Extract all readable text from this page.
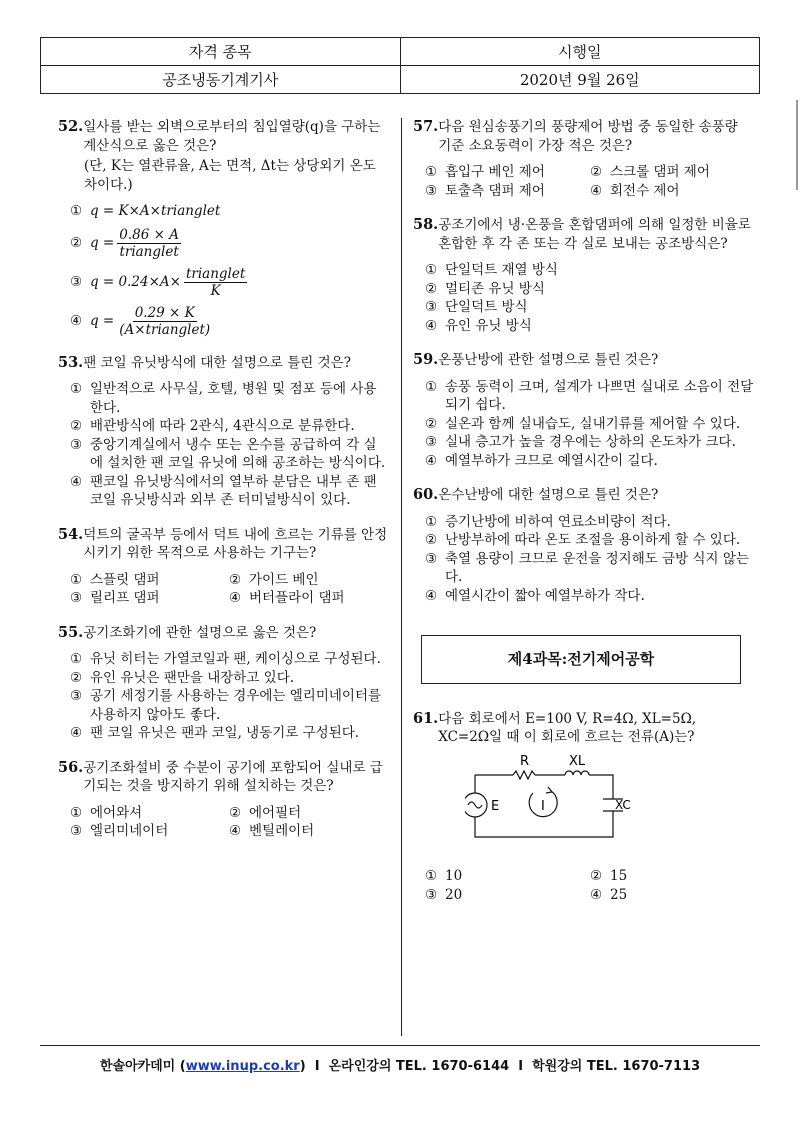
자격 종목	시행일
공조냉동기계기사	2020년 9월 26일
52. 일사를 받는 외벽으로부터의 침입열량(q)을 구하는 계산식으로 옳은 것은?
(단, K는 열관류율, A는 면적, Δt는 상당외기 온도차이다.)
① q = K×A×trianglet
② $q = \frac{0.86 \times A}{\text{trianglet}}$
③ $q = 0.24\times A\times \frac{\text{trianglet}}{K}$
④ $q = \frac{0.29 \times K}{\text{(A×trianglet)}}$
53. 팬 코일 유닛방식에 대한 설명으로 틀린 것은?
① 일반적으로 사무실, 호텔, 병원 및 점포 등에 사용한다.
② 배관방식에 따라 2관식, 4관식으로 분류한다.
③ 중앙기계실에서 냉수 또는 온수를 공급하여 각 실에 설치한 팬 코일 유닛에 의해 공조하는 방식이다.
④ 팬코일 유닛방식에서의 열부하 분담은 내부 존 팬 코일 유닛방식과 외부 존 터미널방식이 있다.
54. 덕트의 굴곡부 등에서 덕트 내에 흐르는 기류를 안정시키기 위한 목적으로 사용하는 기구는?
① 스플릿 댐퍼	② 가이드 베인
③ 릴리프 댐퍼	④ 버터플라이 댐퍼
55. 공기조화기에 관한 설명으로 옳은 것은?
① 유닛 히터는 가열코일과 팬, 케이싱으로 구성된다.
② 유인 유닛은 팬만을 내장하고 있다.
③ 공기 세정기를 사용하는 경우에는 엘리미네이터를 사용하지 않아도 좋다.
④ 팬 코일 유닛은 팬과 코일, 냉동기로 구성된다.
56. 공기조화설비 중 수분이 공기에 포함되어 실내로 급기되는 것을 방지하기 위해 설치하는 것은?
① 에어와셔	② 에어필터
③ 엘리미네이터	④ 벤틸레이터
57. 다음 원심송풍기의 풍량제어 방법 중 동일한 송풍량 기준 소요동력이 가장 적은 것은?
① 흡입구 베인 제어	② 스크롤 댐퍼 제어
③ 토출측 댐퍼 제어	④ 회전수 제어
58. 공조기에서 냉·온풍을 혼합댐퍼에 의해 일정한 비율로 혼합한 후 각 존 또는 각 실로 보내는 공조방식은?
① 단일덕트 재열 방식
② 멀티존 유닛 방식
③ 단일덕트 방식
④ 유인 유닛 방식
59. 온풍난방에 관한 설명으로 틀린 것은?
① 송풍 동력이 크며, 설계가 나쁘면 실내로 소음이 전달되기 쉽다.
② 실온과 함께 실내습도, 실내기류를 제어할 수 있다.
③ 실내 층고가 높을 경우에는 상하의 온도차가 크다.
④ 예열부하가 크므로 예열시간이 길다.
60. 온수난방에 대한 설명으로 틀린 것은?
① 증기난방에 비하여 연료소비량이 적다.
② 난방부하에 따라 온도 조절을 용이하게 할 수 있다.
③ 축열 용량이 크므로 운전을 정지해도 금방 식지 않는다.
④ 예열시간이 짧아 예열부하가 작다.
제4과목:전기제어공학
61. 다음 회로에서 E=100 V, R=4Ω, XL=5Ω,
XC=2Ω일 때 이 회로에 흐르는 전류(A)는?
R	XL
E	I	XC
① 10	② 15
③ 20	④ 25
한솔아카데미 (www.inup.co.kr)  I  온라인강의 TEL. 1670-6144  I  학원강의 TEL. 1670-7113
